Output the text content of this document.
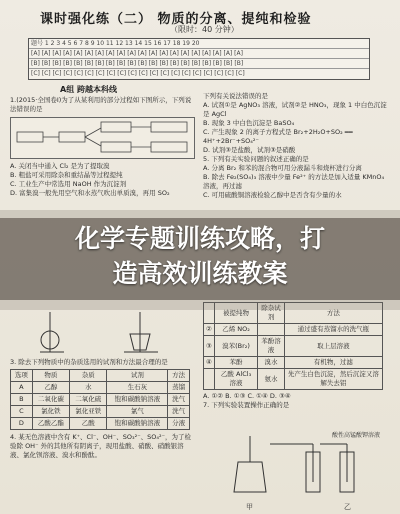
课时强化练（二） 物质的分离、提纯和检验
（限时：40 分钟）
题号 1 2 3 4 5 6 7 8 9 10 11 12 13 14 15 16 17 18 19 20
[A] [A] [A] [A] [A] [A] [A] [A] [A] [A] [A] [A] [A] [A] [A] [A] [A] [A] [A] [A]
[B] [B] [B] [B] [B] [B] [B] [B] [B] [B] [B] [B] [B] [B] [B] [B] [B] [B] [B] [B]
[C] [C] [C] [C] [C] [C] [C] [C] [C] [C] [C] [C] [C] [C] [C] [C] [C] [C] [C] [C]
A组 跨越本科线
1.(2015·全国卷Ⅰ)为了从某利用的部分过程如下图所示，下列说法错误的是
A. 关闭当中通入 Cl₂ 是为了提取溴
B. 粗盐可采用除杂和重结晶等过程提纯
C. 工业生产中常选用 NaOH 作为沉淀剂
D. 富集溴一般先用空气和水蒸气吹出单质溴，再用 SO₂
3. 除去下列物质中的杂质选用的试剂和方法最合理的是
选项	物质	杂质	试剂	方法
A	乙醇	水	生石灰	蒸馏
B	二氧化碳	二氧化硫	饱和碳酸钠溶液	洗气
C	氯化铁	氯化亚铁	氯气	洗气
D	乙酸乙酯	乙酸	饱和碳酸钠溶液	分液
4. 某无色溶液中含有 K⁺、Cl⁻、OH⁻、SO₃²⁻、SO₄²⁻，为了检验除 OH⁻ 外的其他所有阴离子，现用盐酸、硝酸、硝酸银溶液、氯化钡溶液、溴水和酚酞。
下列有关说法错误的是
A. 试剂①是 AgNO₃ 溶液，试剂②是 HNO₃，现象 1 中白色沉淀是 AgCl
B. 现象 3 中白色沉淀是 BaSO₄
C. 产生现象 2 的离子方程式是 Br₂+2H₂O+SO₂ ══ 4H⁺+2Br⁻+SO₄²⁻
D. 试剂③是盐酸，试剂③是硝酸
5. 下列有关实验问题的叙述正确的是
A. 分离 Br₂ 和苯的混合物可用分液漏斗和烧杯进行分离
B. 除去 Fe₂(SO₄)₃ 溶液中少量 Fe²⁺ 的方法是加入适量 KMnO₄ 溶液，再过滤
C. 可用硫酸铜溶液检验乙醇中是否含有少量的水
	被提纯物	除杂试剂	方法
②	乙烯 NO₂		通过盛有蒸馏水的洗气瓶
③	溴苯(Br₂)	苯酚溶液	取上层溶液
④	苯酚	溴水	有机物，过滤
	乙酸 AlCl₃ 溶液	氨水	先产生白色沉淀，然后沉淀又溶解失去铝
A. ①② B. ①③ C. ①④ D. ③④
7. 下列实验装置操作正确的是
酸性高锰酸钾溶液
甲	乙
化学专题训练攻略，打
造高效训练教案
